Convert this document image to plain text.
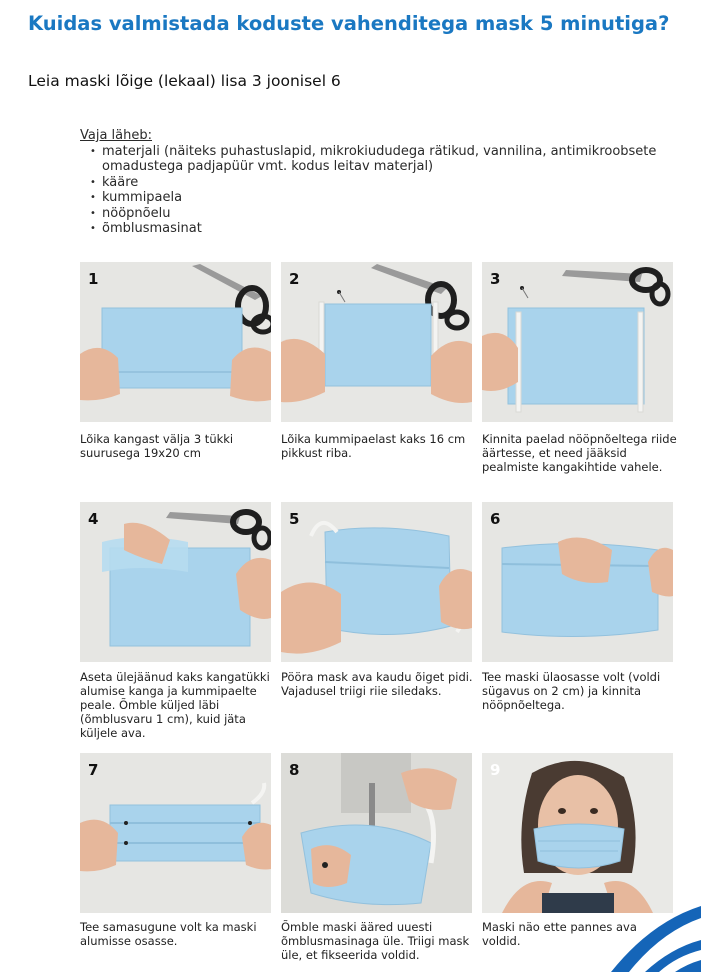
Kuidas valmistada koduste vahenditega mask 5 minutiga?
Leia maski lõige (lekaal) lisa 3 joonisel 6
Vaja läheb:
• materjali (näiteks puhastuslapid, mikrokiududega rätikud, vannilina, antimikroobsete omadustega padjapüür vmt. kodus leitav materjal)
• kääre
• kummipaela
• nööpnõelu
• õmblusmasinat
1
Lõika kangast välja 3 tükki suurusega 19x20 cm
2
Lõika kummipaelast kaks 16 cm pikkust riba.
3
Kinnita paelad nööpnõeltega riide äärtesse, et need jääksid pealmiste kangakihtide vahele.
4
Aseta ülejäänud kaks kangatükki alumise kanga ja kummipaelte peale. Õmble küljed läbi (õmblusvaru 1 cm), kuid jäta küljele ava.
5
Pööra mask ava kaudu õiget pidi. Vajadusel triigi riie siledaks.
6
Tee maski ülaosasse volt (voldi sügavus on 2 cm) ja kinnita nööpnõeltega.
7
Tee samasugune volt ka maski alumisse osasse.
8
Õmble maski ääred uuesti õmblusmasinaga üle. Triigi mask üle, et fikseerida voldid.
9
Maski näo ette pannes ava voldid.
